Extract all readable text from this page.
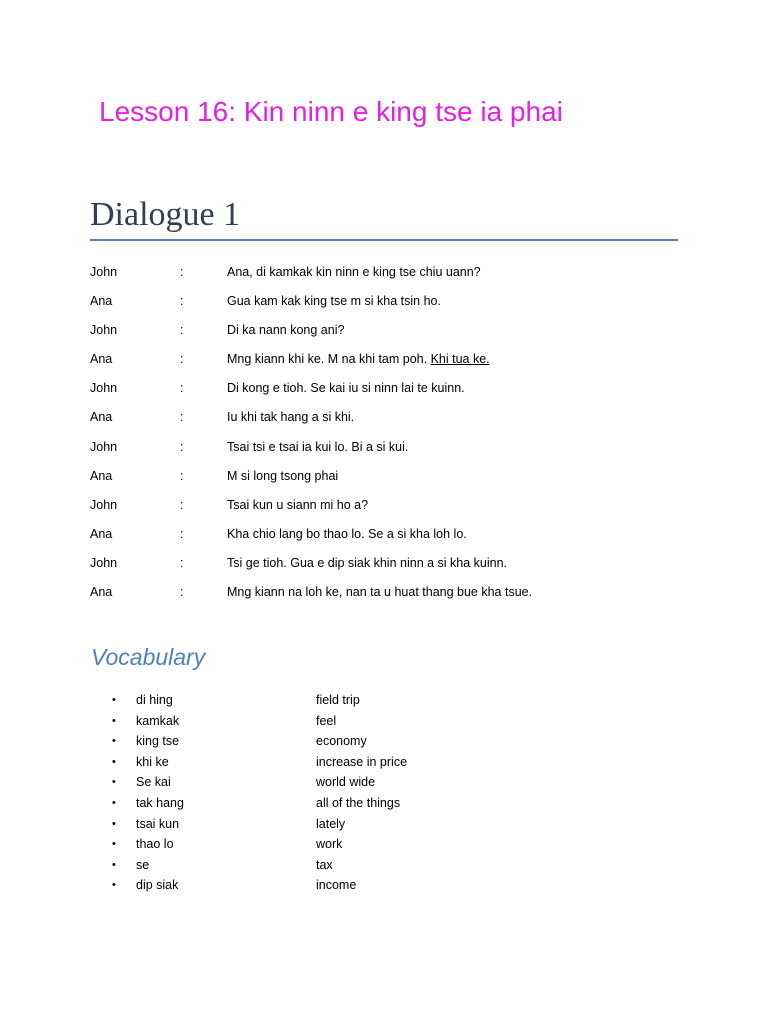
Lesson 16: Kin ninn e king tse ia phai
Dialogue 1
John	:	Ana, di kamkak kin ninn e king tse chiu uann?
Ana	:	Gua kam kak king tse m si kha tsin ho.
John	:	Di ka nann kong ani?
Ana	:	Mng kiann khi ke. M na khi tam poh. Khi tua ke.
John	:	Di kong e tioh. Se kai iu si ninn lai te kuinn.
Ana	:	Iu khi tak hang a si khi.
John	:	Tsai tsi e tsai ia kui lo. Bi a si kui.
Ana	:	M si long tsong phai
John	:	Tsai kun u siann mi ho a?
Ana	:	Kha chio lang bo thao lo. Se a si kha loh lo.
John	:	Tsi ge tioh. Gua e dip siak khin ninn a si kha kuinn.
Ana	:	Mng kiann na loh ke, nan ta u huat thang bue kha tsue.
Vocabulary
• di hing	field trip
• kamkak	feel
• king tse	economy
• khi ke	increase in price
• Se kai	world wide
• tak hang	all of the things
• tsai kun	lately
• thao lo	work
• se	tax
• dip siak	income
